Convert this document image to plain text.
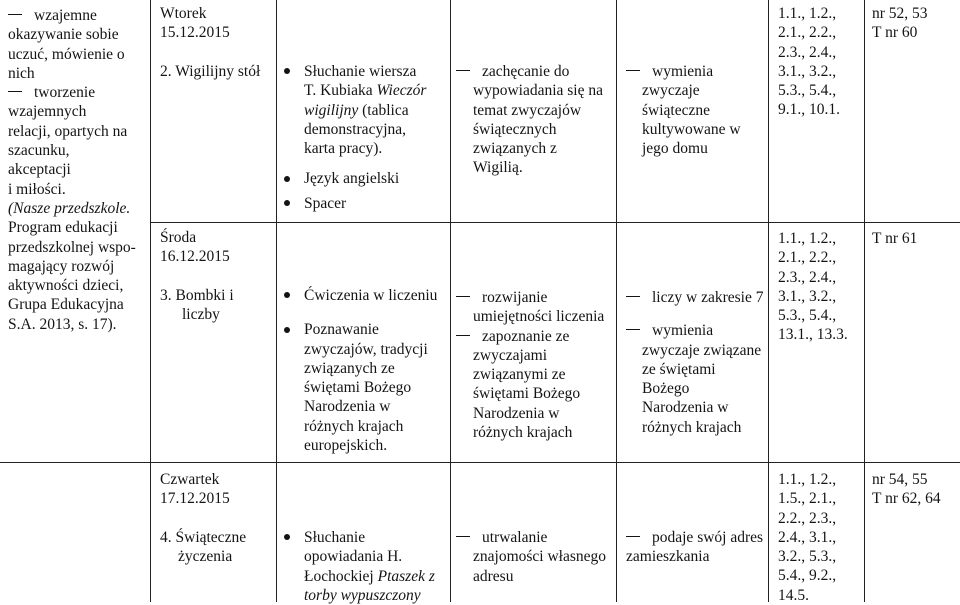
wzajemne
okazywanie sobie
uczuć, mówienie o
nich
tworzenie
wzajemnych
relacji, opartych na
szacunku,
akceptacji
i miłości.
(Nasze przedszkole.
Program edukacji
przedszkolnej wspo-
magający rozwój
aktywności dzieci,
Grupa Edukacyjna
S.A. 2013, s. 17).
Wtorek
15.12.2015
2. Wigilijny stół	Słuchanie wiersza
T. Kubiaka Wieczór
wigilijny (tablica
demonstracyjna,
karta pracy).
Język angielski
Spacer
zachęcanie do
wypowiadania się na
temat zwyczajów
świątecznych
związanych z
Wigilią.
wymienia
zwyczaje
świąteczne
kultywowane w
jego domu
1.1., 1.2.,
2.1., 2.2.,
2.3., 2.4.,
3.1., 3.2.,
5.3., 5.4.,
9.1., 10.1.
nr 52, 53
T nr 60
Środa
16.12.2015
3. Bombki i
liczby
Ćwiczenia w liczeniu
Poznawanie
zwyczajów, tradycji
związanych ze
świętami Bożego
Narodzenia w
różnych krajach
europejskich.
rozwijanie
umiejętności liczenia
zapoznanie ze
zwyczajami
związanymi ze
świętami Bożego
Narodzenia w
różnych krajach
liczy w zakresie 7
wymienia
zwyczaje związane
ze świętami
Bożego
Narodzenia w
różnych krajach
1.1., 1.2.,
2.1., 2.2.,
2.3., 2.4.,
3.1., 3.2.,
5.3., 5.4.,
13.1., 13.3.
T nr 61
Czwartek
17.12.2015
4. Świąteczne
życzenia
Słuchanie
opowiadania H.
Łochockiej Ptaszek z
torby wypuszczony
utrwalanie
znajomości własnego
adresu
podaje swój adres
zamieszkania
1.1., 1.2.,
1.5., 2.1.,
2.2., 2.3.,
2.4., 3.1.,
3.2., 5.3.,
5.4., 9.2.,
14.5.
nr 54, 55
T nr 62, 64
